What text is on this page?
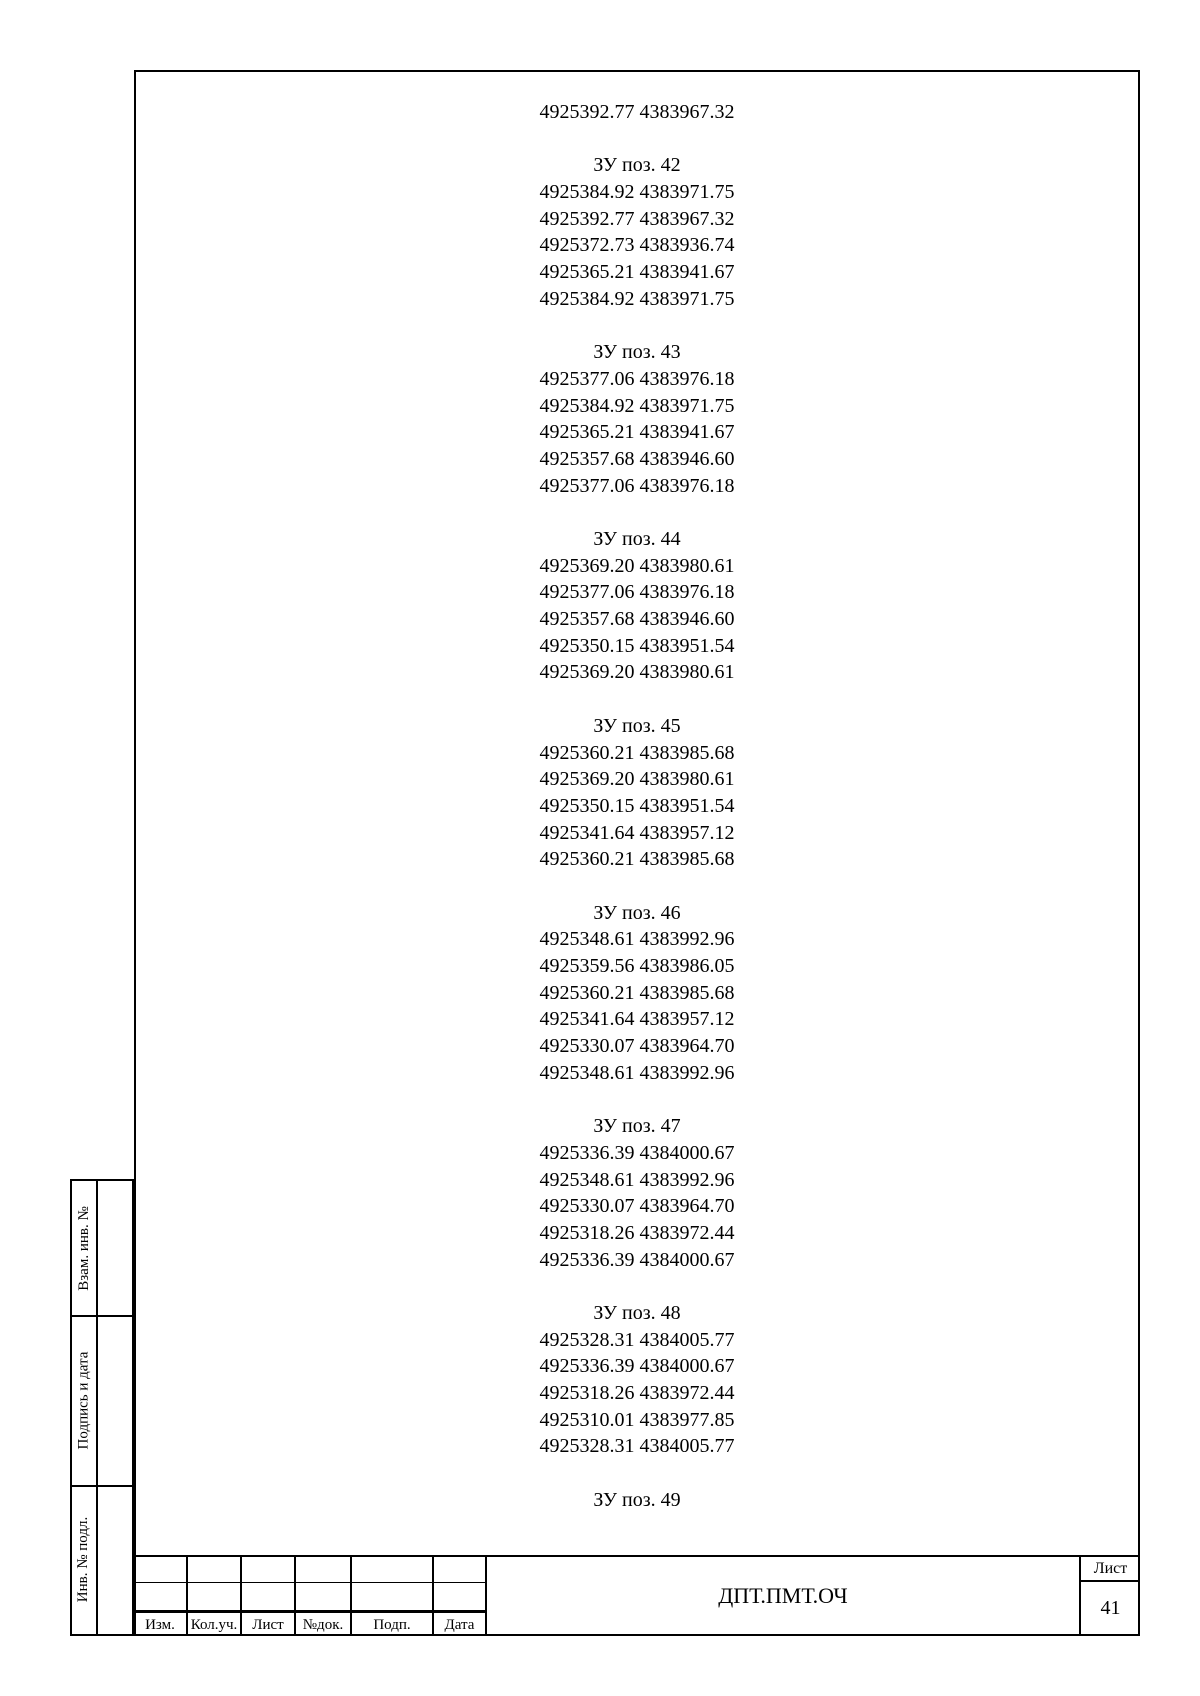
4925392.77 4383967.32
ЗУ поз. 42
4925384.92 4383971.75
4925392.77 4383967.32
4925372.73 4383936.74
4925365.21 4383941.67
4925384.92 4383971.75
ЗУ поз. 43
4925377.06 4383976.18
4925384.92 4383971.75
4925365.21 4383941.67
4925357.68 4383946.60
4925377.06 4383976.18
ЗУ поз. 44
4925369.20 4383980.61
4925377.06 4383976.18
4925357.68 4383946.60
4925350.15 4383951.54
4925369.20 4383980.61
ЗУ поз. 45
4925360.21 4383985.68
4925369.20 4383980.61
4925350.15 4383951.54
4925341.64 4383957.12
4925360.21 4383985.68
ЗУ поз. 46
4925348.61 4383992.96
4925359.56 4383986.05
4925360.21 4383985.68
4925341.64 4383957.12
4925330.07 4383964.70
4925348.61 4383992.96
ЗУ поз. 47
4925336.39 4384000.67
4925348.61 4383992.96
4925330.07 4383964.70
4925318.26 4383972.44
4925336.39 4384000.67
ЗУ поз. 48
4925328.31 4384005.77
4925336.39 4384000.67
4925318.26 4383972.44
4925310.01 4383977.85
4925328.31 4384005.77
ЗУ поз. 49
Взам. инв. №
Подпись и дата
Инв. № подл.
Изм.	Кол.уч. Лист	№док.	Подп.	Дата
ДПТ.ПМТ.ОЧ
Лист
41
